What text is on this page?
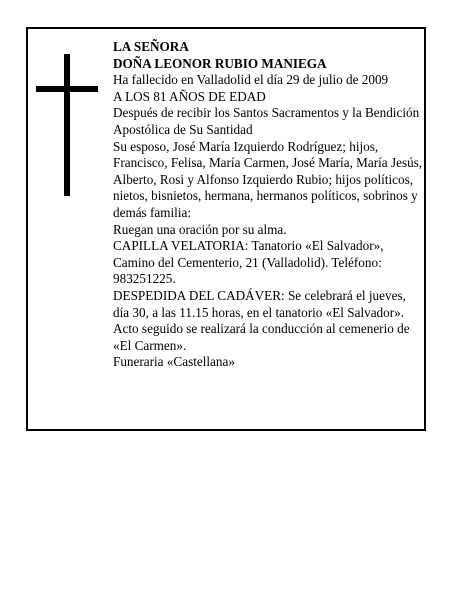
LA SEÑORA

DOÑA LEONOR RUBIO MANIEGA

Ha fallecido en Valladolid el día 29 de julio de 2009

A LOS 81 AÑOS DE EDAD

Después de recibir los Santos Sacramentos y la Bendición Apostólica de Su Santidad

Su esposo, José María Izquierdo Rodríguez; hijos, Francisco, Felisa, María Carmen, José María, María Jesús, Alberto, Rosi y Alfonso Izquierdo Rubio; hijos políticos, nietos, bisnietos, hermana, hermanos políticos, sobrinos y demás familia:

Ruegan una oración por su alma.

CAPILLA VELATORIA: Tanatorio «El Salvador», Camino del Cementerio, 21 (Valladolid). Teléfono: 983251225.

DESPEDIDA DEL CADÁVER: Se celebrará el jueves, día 30, a las 11.15 horas, en el tanatorio «El Salvador». Acto seguido se realizará la conducción al cemenerio de «El Carmen».

Funeraria «Castellana»
